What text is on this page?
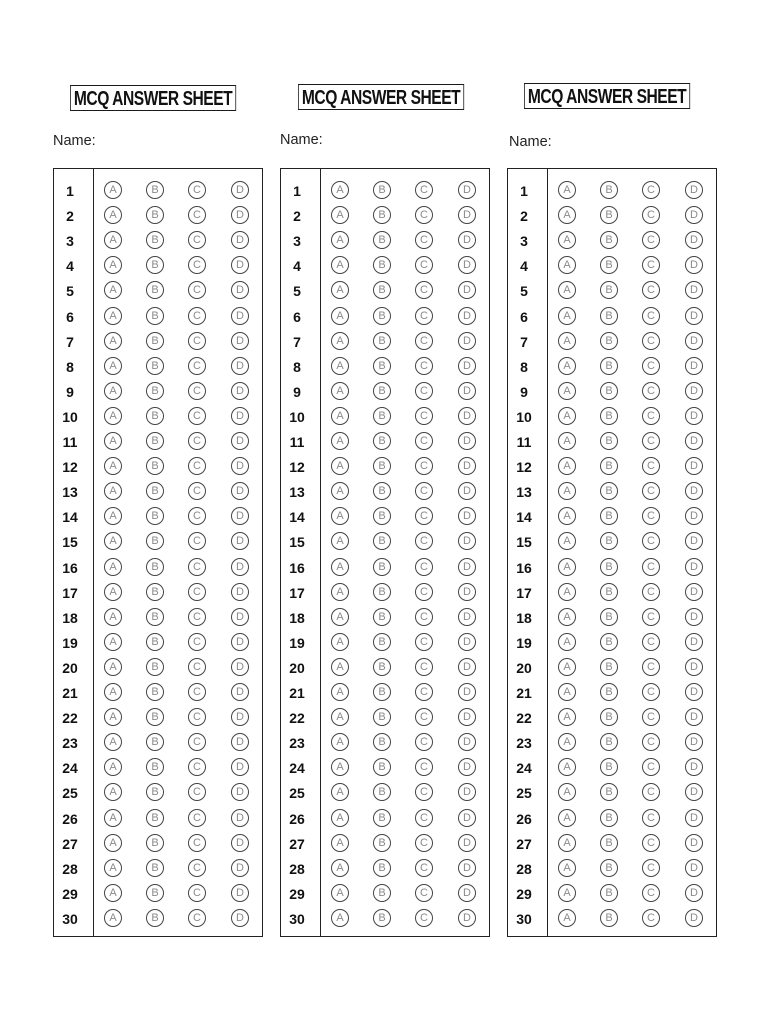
MCQ ANSWER SHEET
Name:
1	A	B	C	D
2	A	B	C	D
3	A	B	C	D
4	A	B	C	D
5	A	B	C	D
6	A	B	C	D
7	A	B	C	D
8	A	B	C	D
9	A	B	C	D
10	A	B	C	D
11	A	B	C	D
12	A	B	C	D
13	A	B	C	D
14	A	B	C	D
15	A	B	C	D
16	A	B	C	D
17	A	B	C	D
18	A	B	C	D
19	A	B	C	D
20	A	B	C	D
21	A	B	C	D
22	A	B	C	D
23	A	B	C	D
24	A	B	C	D
25	A	B	C	D
26	A	B	C	D
27	A	B	C	D
28	A	B	C	D
29	A	B	C	D
30	A	B	C	D
MCQ ANSWER SHEET
Name:
1	A	B	C	D
2	A	B	C	D
3	A	B	C	D
4	A	B	C	D
5	A	B	C	D
6	A	B	C	D
7	A	B	C	D
8	A	B	C	D
9	A	B	C	D
10	A	B	C	D
11	A	B	C	D
12	A	B	C	D
13	A	B	C	D
14	A	B	C	D
15	A	B	C	D
16	A	B	C	D
17	A	B	C	D
18	A	B	C	D
19	A	B	C	D
20	A	B	C	D
21	A	B	C	D
22	A	B	C	D
23	A	B	C	D
24	A	B	C	D
25	A	B	C	D
26	A	B	C	D
27	A	B	C	D
28	A	B	C	D
29	A	B	C	D
30	A	B	C	D
MCQ ANSWER SHEET
Name:
1	A	B	C	D
2	A	B	C	D
3	A	B	C	D
4	A	B	C	D
5	A	B	C	D
6	A	B	C	D
7	A	B	C	D
8	A	B	C	D
9	A	B	C	D
10	A	B	C	D
11	A	B	C	D
12	A	B	C	D
13	A	B	C	D
14	A	B	C	D
15	A	B	C	D
16	A	B	C	D
17	A	B	C	D
18	A	B	C	D
19	A	B	C	D
20	A	B	C	D
21	A	B	C	D
22	A	B	C	D
23	A	B	C	D
24	A	B	C	D
25	A	B	C	D
26	A	B	C	D
27	A	B	C	D
28	A	B	C	D
29	A	B	C	D
30	A	B	C	D
